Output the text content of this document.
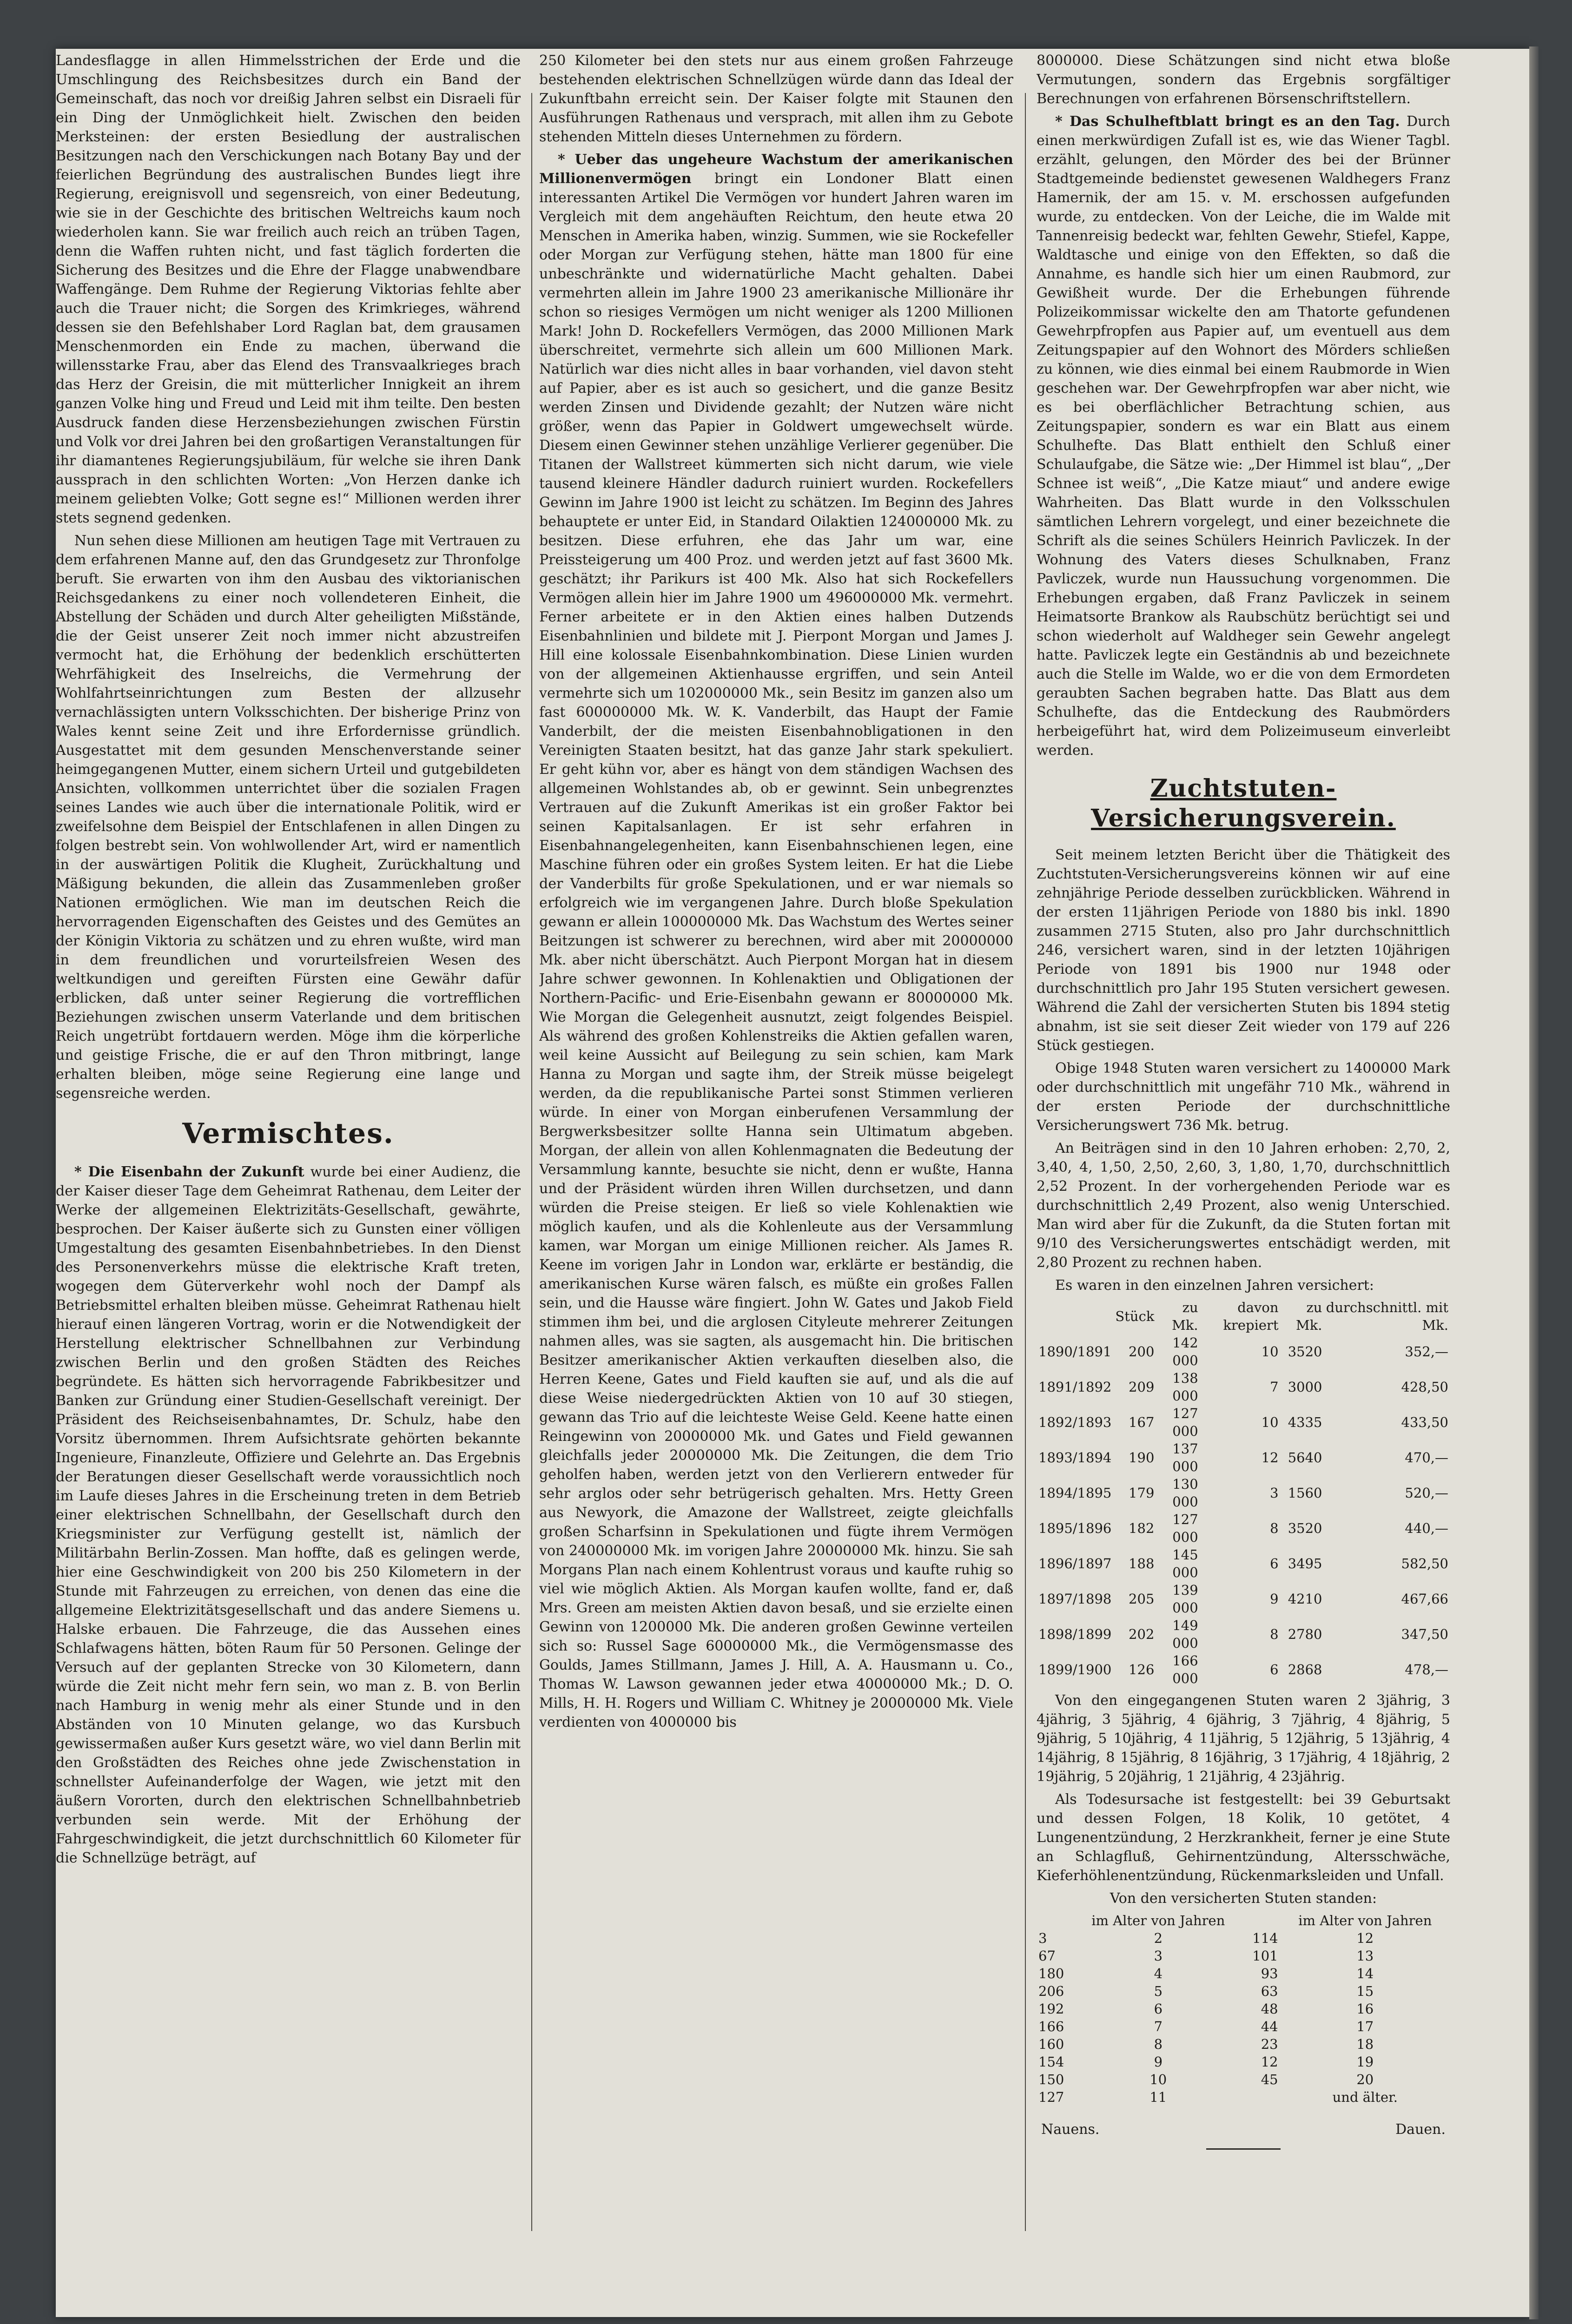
Landesflagge in allen Himmelsstrichen der Erde und die Umschlingung des Reichsbesitzes durch ein Band der Gemeinschaft, das noch vor dreißig Jahren selbst ein Disraeli für ein Ding der Unmöglichkeit hielt. Zwischen den beiden Merksteinen: der ersten Besiedlung der australischen Besitzungen nach den Verschickungen nach Botany Bay und der feierlichen Begründung des australischen Bundes liegt ihre Regierung, ereignisvoll und segensreich, von einer Bedeutung, wie sie in der Geschichte des britischen Weltreichs kaum noch wiederholen kann. Sie war freilich auch reich an trüben Tagen, denn die Waffen ruhten nicht, und fast täglich forderten die Sicherung des Besitzes und die Ehre der Flagge unabwendbare Waffengänge. Dem Ruhme der Regierung Viktorias fehlte aber auch die Trauer nicht; die Sorgen des Krimkrieges, während dessen sie den Befehlshaber Lord Raglan bat, dem grausamen Menschenmorden ein Ende zu machen, überwand die willensstarke Frau, aber das Elend des Transvaalkrieges brach das Herz der Greisin, die mit mütterlicher Innigkeit an ihrem ganzen Volke hing und Freud und Leid mit ihm teilte. Den besten Ausdruck fanden diese Herzensbeziehungen zwischen Fürstin und Volk vor drei Jahren bei den großartigen Veranstaltungen für ihr diamantenes Regierungsjubiläum, für welche sie ihren Dank aussprach in den schlichten Worten: „Von Herzen danke ich meinem geliebten Volke; Gott segne es!“ Millionen werden ihrer stets segnend gedenken.

Nun sehen diese Millionen am heutigen Tage mit Vertrauen zu dem erfahrenen Manne auf, den das Grundgesetz zur Thronfolge beruft. Sie erwarten von ihm den Ausbau des viktorianischen Reichsgedankens zu einer noch vollendeteren Einheit, die Abstellung der Schäden und durch Alter geheiligten Mißstände, die der Geist unserer Zeit noch immer nicht abzustreifen vermocht hat, die Erhöhung der bedenklich erschütterten Wehrfähigkeit des Inselreichs, die Vermehrung der Wohlfahrtseinrichtungen zum Besten der allzusehr vernachlässigten untern Volksschichten. Der bisherige Prinz von Wales kennt seine Zeit und ihre Erfordernisse gründlich. Ausgestattet mit dem gesunden Menschenverstande seiner heimgegangenen Mutter, einem sichern Urteil und gutgebildeten Ansichten, vollkommen unterrichtet über die sozialen Fragen seines Landes wie auch über die internationale Politik, wird er zweifelsohne dem Beispiel der Entschlafenen in allen Dingen zu folgen bestrebt sein. Von wohlwollender Art, wird er namentlich in der auswärtigen Politik die Klugheit, Zurückhaltung und Mäßigung bekunden, die allein das Zusammenleben großer Nationen ermöglichen. Wie man im deutschen Reich die hervorragenden Eigenschaften des Geistes und des Gemütes an der Königin Viktoria zu schätzen und zu ehren wußte, wird man in dem freundlichen und vorurteilsfreien Wesen des weltkundigen und gereiften Fürsten eine Gewähr dafür erblicken, daß unter seiner Regierung die vortrefflichen Beziehungen zwischen unserm Vaterlande und dem britischen Reich ungetrübt fortdauern werden. Möge ihm die körperliche und geistige Frische, die er auf den Thron mitbringt, lange erhalten bleiben, möge seine Regierung eine lange und segensreiche werden.

Vermischtes.

* Die Eisenbahn der Zukunft wurde bei einer Audienz, die der Kaiser dieser Tage dem Geheimrat Rathenau, dem Leiter der Werke der allgemeinen Elektrizitäts-Gesellschaft, gewährte, besprochen. Der Kaiser äußerte sich zu Gunsten einer völligen Umgestaltung des gesamten Eisenbahnbetriebes. In den Dienst des Personenverkehrs müsse die elektrische Kraft treten, wogegen dem Güterverkehr wohl noch der Dampf als Betriebsmittel erhalten bleiben müsse. Geheimrat Rathenau hielt hierauf einen längeren Vortrag, worin er die Notwendigkeit der Herstellung elektrischer Schnellbahnen zur Verbindung zwischen Berlin und den großen Städten des Reiches begründete. Es hätten sich hervorragende Fabrikbesitzer und Banken zur Gründung einer Studien-Gesellschaft vereinigt. Der Präsident des Reichseisenbahnamtes, Dr. Schulz, habe den Vorsitz übernommen. Ihrem Aufsichtsrate gehörten bekannte Ingenieure, Finanzleute, Offiziere und Gelehrte an. Das Ergebnis der Beratungen dieser Gesellschaft werde voraussichtlich noch im Laufe dieses Jahres in die Erscheinung treten in dem Betrieb einer elektrischen Schnellbahn, der Gesellschaft durch den Kriegsminister zur Verfügung gestellt ist, nämlich der Militärbahn Berlin-Zossen. Man hoffte, daß es gelingen werde, hier eine Geschwindigkeit von 200 bis 250 Kilometern in der Stunde mit Fahrzeugen zu erreichen, von denen das eine die allgemeine Elektrizitätsgesellschaft und das andere Siemens u. Halske erbauen. Die Fahrzeuge, die das Aussehen eines Schlafwagens hätten, böten Raum für 50 Personen. Gelinge der Versuch auf der geplanten Strecke von 30 Kilometern, dann würde die Zeit nicht mehr fern sein, wo man z. B. von Berlin nach Hamburg in wenig mehr als einer Stunde und in den Abständen von 10 Minuten gelange, wo das Kursbuch gewissermaßen außer Kurs gesetzt wäre, wo viel dann Berlin mit den Großstädten des Reiches ohne jede Zwischenstation in schnellster Aufeinanderfolge der Wagen, wie jetzt mit den äußern Vororten, durch den elektrischen Schnellbahnbetrieb verbunden sein werde. Mit der Erhöhung der Fahrgeschwindigkeit, die jetzt durchschnittlich 60 Kilometer für die Schnellzüge beträgt, auf

250 Kilometer bei den stets nur aus einem großen Fahrzeuge bestehenden elektrischen Schnellzügen würde dann das Ideal der Zukunftbahn erreicht sein. Der Kaiser folgte mit Staunen den Ausführungen Rathenaus und versprach, mit allen ihm zu Gebote stehenden Mitteln dieses Unternehmen zu fördern.

* Ueber das ungeheure Wachstum der amerikanischen Millionenvermögen bringt ein Londoner Blatt einen interessanten Artikel Die Vermögen vor hundert Jahren waren im Vergleich mit dem angehäuften Reichtum, den heute etwa 20 Menschen in Amerika haben, winzig. Summen, wie sie Rockefeller oder Morgan zur Verfügung stehen, hätte man 1800 für eine unbeschränkte und widernatürliche Macht gehalten. Dabei vermehrten allein im Jahre 1900 23 amerikanische Millionäre ihr schon so riesiges Vermögen um nicht weniger als 1200 Millionen Mark! John D. Rockefellers Vermögen, das 2000 Millionen Mark überschreitet, vermehrte sich allein um 600 Millionen Mark. Natürlich war dies nicht alles in baar vorhanden, viel davon steht auf Papier, aber es ist auch so gesichert, und die ganze Besitz werden Zinsen und Dividende gezahlt; der Nutzen wäre nicht größer, wenn das Papier in Goldwert umgewechselt würde. Diesem einen Gewinner stehen unzählige Verlierer gegenüber. Die Titanen der Wallstreet kümmerten sich nicht darum, wie viele tausend kleinere Händler dadurch ruiniert wurden. Rockefellers Gewinn im Jahre 1900 ist leicht zu schätzen. Im Beginn des Jahres behauptete er unter Eid, in Standard Oilaktien 124000000 Mk. zu besitzen. Diese erfuhren, ehe das Jahr um war, eine Preissteigerung um 400 Proz. und werden jetzt auf fast 3600 Mk. geschätzt; ihr Parikurs ist 400 Mk. Also hat sich Rockefellers Vermögen allein hier im Jahre 1900 um 496000000 Mk. vermehrt. Ferner arbeitete er in den Aktien eines halben Dutzends Eisenbahnlinien und bildete mit J. Pierpont Morgan und James J. Hill eine kolossale Eisenbahnkombination. Diese Linien wurden von der allgemeinen Aktienhausse ergriffen, und sein Anteil vermehrte sich um 102000000 Mk., sein Besitz im ganzen also um fast 600000000 Mk. W. K. Vanderbilt, das Haupt der Famie Vanderbilt, der die meisten Eisenbahnobligationen in den Vereinigten Staaten besitzt, hat das ganze Jahr stark spekuliert. Er geht kühn vor, aber es hängt von dem ständigen Wachsen des allgemeinen Wohlstandes ab, ob er gewinnt. Sein unbegrenztes Vertrauen auf die Zukunft Amerikas ist ein großer Faktor bei seinen Kapitalsanlagen. Er ist sehr erfahren in Eisenbahnangelegenheiten, kann Eisenbahnschienen legen, eine Maschine führen oder ein großes System leiten. Er hat die Liebe der Vanderbilts für große Spekulationen, und er war niemals so erfolgreich wie im vergangenen Jahre. Durch bloße Spekulation gewann er allein 100000000 Mk. Das Wachstum des Wertes seiner Beitzungen ist schwerer zu berechnen, wird aber mit 20000000 Mk. aber nicht überschätzt. Auch Pierpont Morgan hat in diesem Jahre schwer gewonnen. In Kohlenaktien und Obligationen der Northern-Pacific- und Erie-Eisenbahn gewann er 80000000 Mk. Wie Morgan die Gelegenheit ausnutzt, zeigt folgendes Beispiel. Als während des großen Kohlenstreiks die Aktien gefallen waren, weil keine Aussicht auf Beilegung zu sein schien, kam Mark Hanna zu Morgan und sagte ihm, der Streik müsse beigelegt werden, da die republikanische Partei sonst Stimmen verlieren würde. In einer von Morgan einberufenen Versammlung der Bergwerksbesitzer sollte Hanna sein Ultimatum abgeben. Morgan, der allein von allen Kohlenmagnaten die Bedeutung der Versammlung kannte, besuchte sie nicht, denn er wußte, Hanna und der Präsident würden ihren Willen durchsetzen, und dann würden die Preise steigen. Er ließ so viele Kohlenaktien wie möglich kaufen, und als die Kohlenleute aus der Versammlung kamen, war Morgan um einige Millionen reicher. Als James R. Keene im vorigen Jahr in London war, erklärte er beständig, die amerikanischen Kurse wären falsch, es müßte ein großes Fallen sein, und die Hausse wäre fingiert. John W. Gates und Jakob Field stimmen ihm bei, und die arglosen Cityleute mehrerer Zeitungen nahmen alles, was sie sagten, als ausgemacht hin. Die britischen Besitzer amerikanischer Aktien verkauften dieselben also, die Herren Keene, Gates und Field kauften sie auf, und als die auf diese Weise niedergedrückten Aktien von 10 auf 30 stiegen, gewann das Trio auf die leichteste Weise Geld. Keene hatte einen Reingewinn von 20000000 Mk. und Gates und Field gewannen gleichfalls jeder 20000000 Mk. Die Zeitungen, die dem Trio geholfen haben, werden jetzt von den Verlierern entweder für sehr arglos oder sehr betrügerisch gehalten. Mrs. Hetty Green aus Newyork, die Amazone der Wallstreet, zeigte gleichfalls großen Scharfsinn in Spekulationen und fügte ihrem Vermögen von 240000000 Mk. im vorigen Jahre 20000000 Mk. hinzu. Sie sah Morgans Plan nach einem Kohlentrust voraus und kaufte ruhig so viel wie möglich Aktien. Als Morgan kaufen wollte, fand er, daß Mrs. Green am meisten Aktien davon besaß, und sie erzielte einen Gewinn von 1200000 Mk. Die anderen großen Gewinne verteilen sich so: Russel Sage 60000000 Mk., die Vermögensmasse des Goulds, James Stillmann, James J. Hill, A. A. Hausmann u. Co., Thomas W. Lawson gewannen jeder etwa 40000000 Mk.; D. O. Mills, H. H. Rogers und William C. Whitney je 20000000 Mk. Viele verdienten von 4000000 bis

8000000. Diese Schätzungen sind nicht etwa bloße Vermutungen, sondern das Ergebnis sorgfältiger Berechnungen von erfahrenen Börsenschriftstellern.

* Das Schulheftblatt bringt es an den Tag. Durch einen merkwürdigen Zufall ist es, wie das Wiener Tagbl. erzählt, gelungen, den Mörder des bei der Brünner Stadtgemeinde bedienstet gewesenen Waldhegers Franz Hamernik, der am 15. v. M. erschossen aufgefunden wurde, zu entdecken. Von der Leiche, die im Walde mit Tannenreisig bedeckt war, fehlten Gewehr, Stiefel, Kappe, Waldtasche und einige von den Effekten, so daß die Annahme, es handle sich hier um einen Raubmord, zur Gewißheit wurde. Der die Erhebungen führende Polizeikommissar wickelte den am Thatorte gefundenen Gewehrpfropfen aus Papier auf, um eventuell aus dem Zeitungspapier auf den Wohnort des Mörders schließen zu können, wie dies einmal bei einem Raubmorde in Wien geschehen war. Der Gewehrpfropfen war aber nicht, wie es bei oberflächlicher Betrachtung schien, aus Zeitungspapier, sondern es war ein Blatt aus einem Schulhefte. Das Blatt enthielt den Schluß einer Schulaufgabe, die Sätze wie: „Der Himmel ist blau“, „Der Schnee ist weiß“, „Die Katze miaut“ und andere ewige Wahrheiten. Das Blatt wurde in den Volksschulen sämtlichen Lehrern vorgelegt, und einer bezeichnete die Schrift als die seines Schülers Heinrich Pavliczek. In der Wohnung des Vaters dieses Schulknaben, Franz Pavliczek, wurde nun Haussuchung vorgenommen. Die Erhebungen ergaben, daß Franz Pavliczek in seinem Heimatsorte Brankow als Raubschütz berüchtigt sei und schon wiederholt auf Waldheger sein Gewehr angelegt hatte. Pavliczek legte ein Geständnis ab und bezeichnete auch die Stelle im Walde, wo er die von dem Ermordeten geraubten Sachen begraben hatte. Das Blatt aus dem Schulhefte, das die Entdeckung des Raubmörders herbeigeführt hat, wird dem Polizeimuseum einverleibt werden.

Zuchtstuten-Versicherungsverein.

Seit meinem letzten Bericht über die Thätigkeit des Zuchtstuten-Versicherungsvereins können wir auf eine zehnjährige Periode desselben zurückblicken. Während in der ersten 11jährigen Periode von 1880 bis inkl. 1890 zusammen 2715 Stuten, also pro Jahr durchschnittlich 246, versichert waren, sind in der letzten 10jährigen Periode von 1891 bis 1900 nur 1948 oder durchschnittlich pro Jahr 195 Stuten versichert gewesen. Während die Zahl der versicherten Stuten bis 1894 stetig abnahm, ist sie seit dieser Zeit wieder von 179 auf 226 Stück gestiegen.

Obige 1948 Stuten waren versichert zu 1400000 Mark oder durchschnittlich mit ungefähr 710 Mk., während in der ersten Periode der durchschnittliche Versicherungswert 736 Mk. betrug.

An Beiträgen sind in den 10 Jahren erhoben: 2,70, 2, 3,40, 4, 1,50, 2,50, 2,60, 3, 1,80, 1,70, durchschnittlich 2,52 Prozent. In der vorhergehenden Periode war es durchschnittlich 2,49 Prozent, also wenig Unterschied. Man wird aber für die Zukunft, da die Stuten fortan mit 9/10 des Versicherungswertes entschädigt werden, mit 2,80 Prozent zu rechnen haben.

Es waren in den einzelnen Jahren versichert:

	Stück	zu Mk.	davon krepiert	zu Mk.	durchschnittl. mit Mk.
1890/1891	200	142 000	10	3520	352,—
1891/1892	209	138 000	7	3000	428,50
1892/1893	167	127 000	10	4335	433,50
1893/1894	190	137 000	12	5640	470,—
1894/1895	179	130 000	3	1560	520,—
1895/1896	182	127 000	8	3520	440,—
1896/1897	188	145 000	6	3495	582,50
1897/1898	205	139 000	9	4210	467,66
1898/1899	202	149 000	8	2780	347,50
1899/1900	126	166 000	6	2868	478,—

Von den eingegangenen Stuten waren 2 3jährig, 3 4jährig, 3 5jährig, 4 6jährig, 3 7jährig, 4 8jährig, 5 9jährig, 5 10jährig, 4 11jährig, 5 12jährig, 5 13jährig, 4 14jährig, 8 15jährig, 8 16jährig, 3 17jährig, 4 18jährig, 2 19jährig, 5 20jährig, 1 21jährig, 4 23jährig.

Als Todesursache ist festgestellt: bei 39 Geburtsakt und dessen Folgen, 18 Kolik, 10 getötet, 4 Lungenentzündung, 2 Herzkrankheit, ferner je eine Stute an Schlagfluß, Gehirnentzündung, Altersschwäche, Kieferhöhlenentzündung, Rückenmarksleiden und Unfall.

Von den versicherten Stuten standen:

	im Alter von Jahren		im Alter von Jahren
3	2	114	12
67	3	101	13
180	4	93	14
206	5	63	15
192	6	48	16
166	7	44	17
160	8	23	18
154	9	12	19
150	10	45	20
127	11		und älter.
Nauens.	Dauen.
